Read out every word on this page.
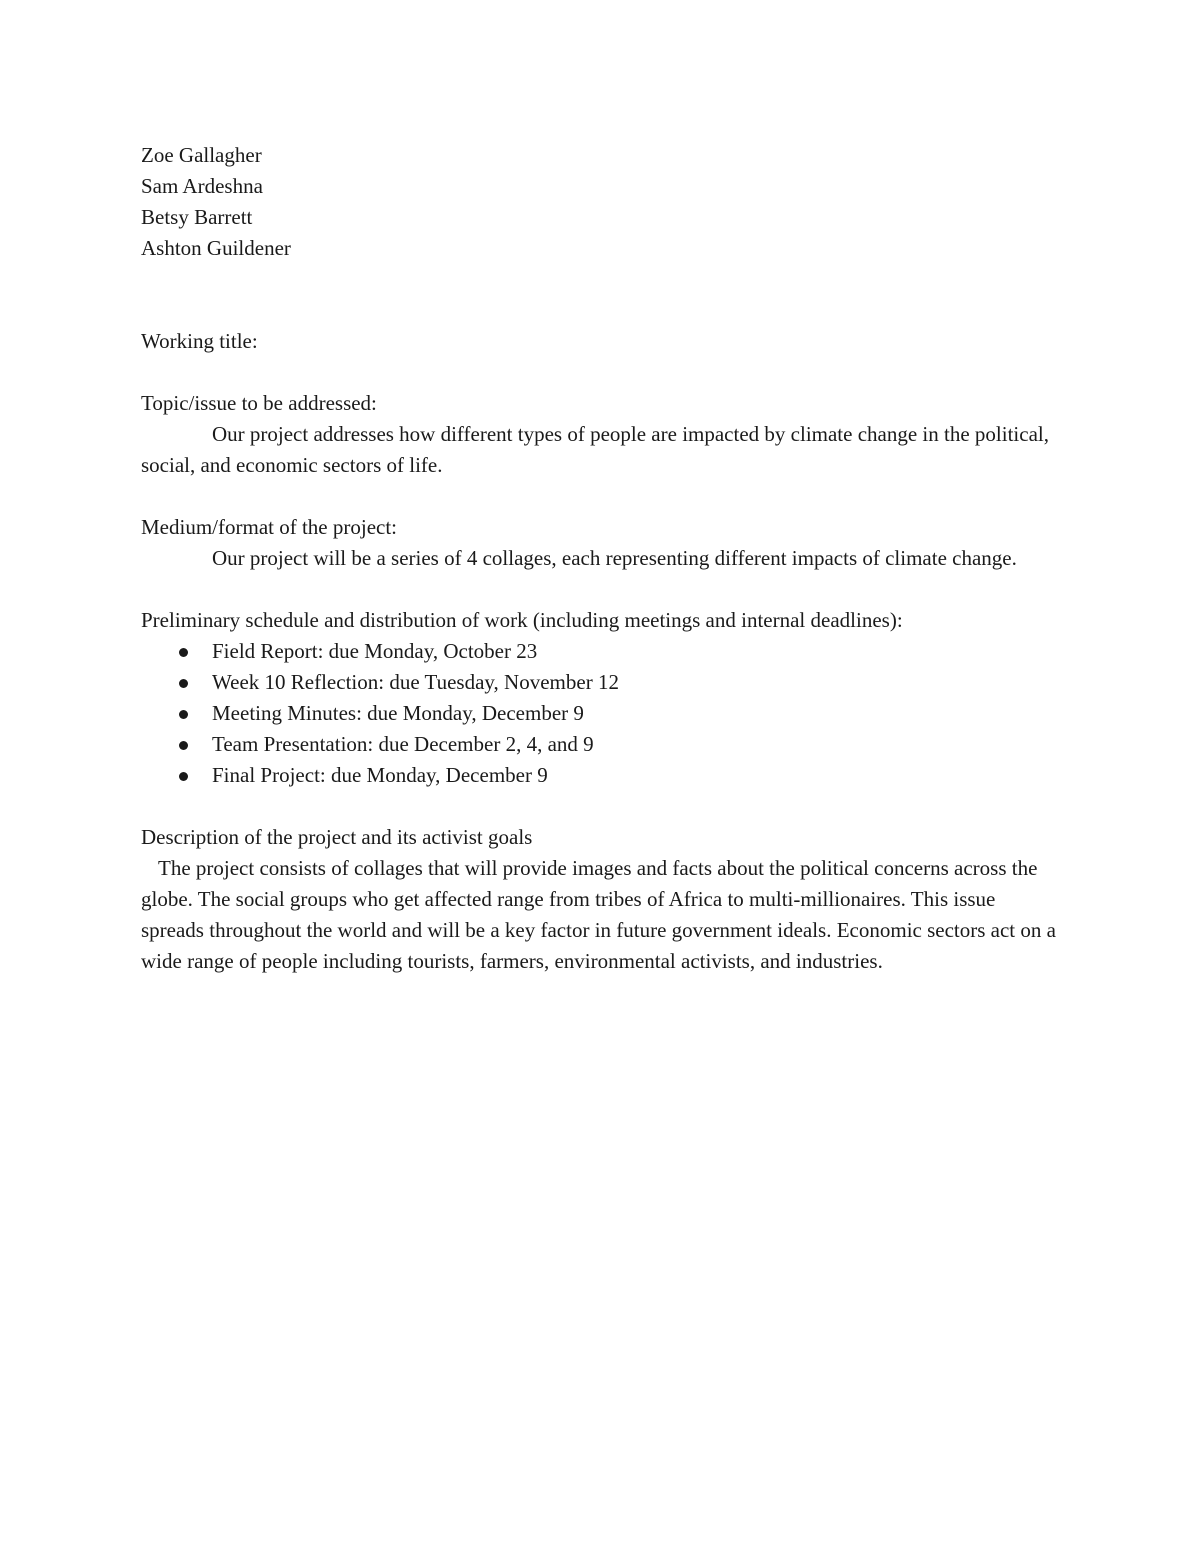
Zoe Gallagher

Sam Ardeshna

Betsy Barrett

Ashton Guildener

Working title:

Topic/issue to be addressed:

Our project addresses how different types of people are impacted by climate change in the political, social, and economic sectors of life.

Medium/format of the project:

Our project will be a series of 4 collages, each representing different impacts of climate change.

Preliminary schedule and distribution of work (including meetings and internal deadlines):

Field Report: due Monday, October 23
Week 10 Reflection: due Tuesday, November 12
Meeting Minutes: due Monday, December 9
Team Presentation: due December 2, 4, and 9
Final Project: due Monday, December 9

Description of the project and its activist goals

The project consists of collages that will provide images and facts about the political concerns across the globe. The social groups who get affected range from tribes of Africa to multi-millionaires. This issue spreads throughout the world and will be a key factor in future government ideals. Economic sectors act on a wide range of people including tourists, farmers, environmental activists, and industries.
